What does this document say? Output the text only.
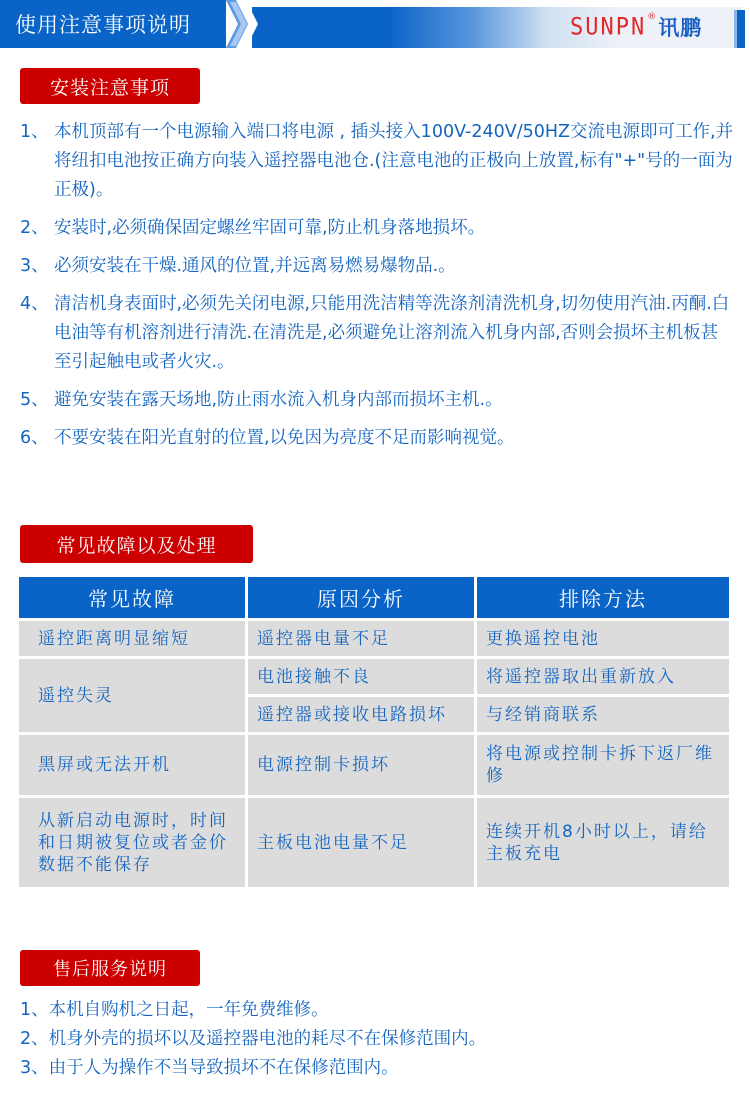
使用注意事项说明	SUNPN ® 讯鹏
安装注意事项
1、 本机顶部有一个电源输入端口将电源 , 插头接入100V-240V/50HZ交流电源即可工作,并将纽扣电池按正确方向装入遥控器电池仓.(注意电池的正极向上放置,标有"+"号的一面为正极)。
2、 安装时,必须确保固定螺丝牢固可靠,防止机身落地损坏。
3、 必须安装在干燥.通风的位置,并远离易燃易爆物品.。
4、 清洁机身表面时,必须先关闭电源,只能用洗洁精等洗涤剂清洗机身,切勿使用汽油.丙酮.白电油等有机溶剂进行清洗.在清洗是,必须避免让溶剂流入机身内部,否则会损坏主机板甚至引起触电或者火灾.。
5、 避免安装在露天场地,防止雨水流入机身内部而损坏主机.。
6、 不要安装在阳光直射的位置,以免因为亮度不足而影响视觉。
常见故障以及处理
常见故障	原因分析	排除方法
遥控距离明显缩短	遥控器电量不足	更换遥控电池
遥控失灵	电池接触不良	将遥控器取出重新放入
	遥控器或接收电路损坏	与经销商联系
黑屏或无法开机	电源控制卡损坏	将电源或控制卡拆下返厂维修
从新启动电源时，时间和日期被复位或者金价数据不能保存	主板电池电量不足	连续开机8小时以上，请给主板充电
售后服务说明
1、本机自购机之日起，一年免费维修。
2、机身外壳的损坏以及遥控器电池的耗尽不在保修范围内。
3、由于人为操作不当导致损坏不在保修范围内。
